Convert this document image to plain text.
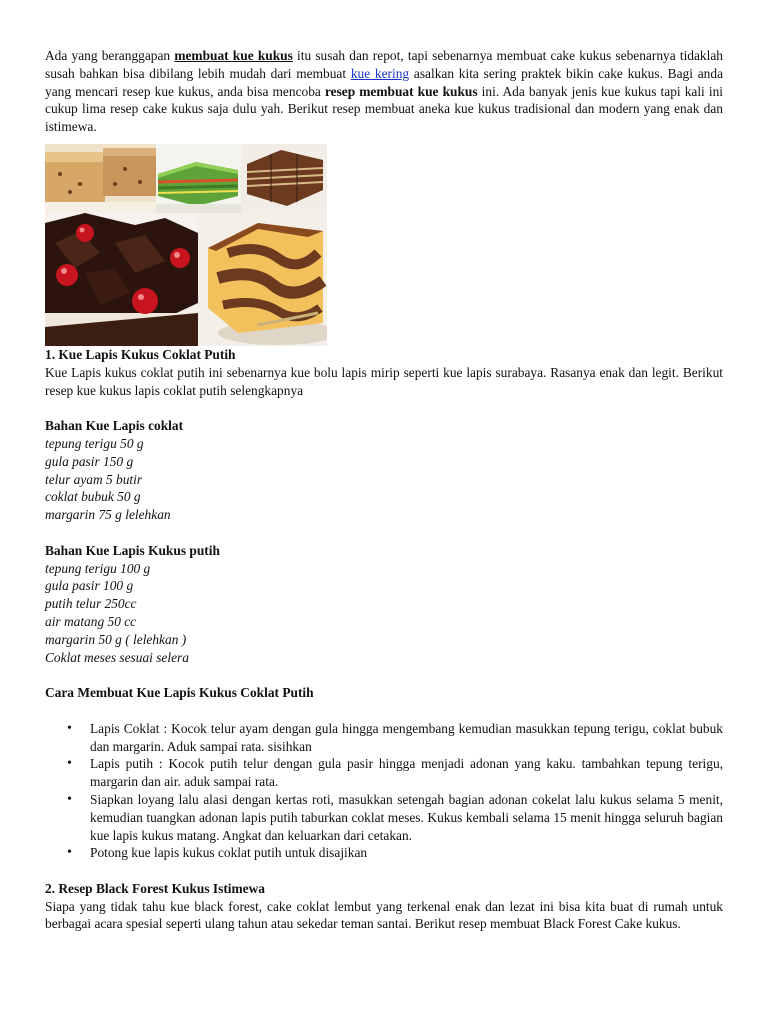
Ada yang beranggapan membuat kue kukus itu susah dan repot, tapi sebenarnya membuat cake kukus sebenarnya tidaklah susah bahkan bisa dibilang lebih mudah dari membuat kue kering asalkan kita sering praktek bikin cake kukus. Bagi anda yang mencari resep kue kukus, anda bisa mencoba resep membuat kue kukus ini. Ada banyak jenis kue kukus tapi kali ini cukup lima resep cake kukus saja dulu yah. Berikut resep membuat aneka kue kukus tradisional dan modern yang enak dan istimewa.

1. Kue Lapis Kukus Coklat Putih

Kue Lapis kukus coklat putih ini sebenarnya kue bolu lapis mirip seperti kue lapis surabaya. Rasanya enak dan legit. Berikut resep kue kukus lapis coklat putih selengkapnya

Bahan Kue Lapis coklat

tepung terigu 50 g
gula pasir 150 g
telur ayam 5 butir
coklat bubuk 50 g
margarin 75 g lelehkan

Bahan Kue Lapis Kukus putih

tepung terigu 100 g
gula pasir 100 g
putih telur 250cc
air matang 50 cc
margarin 50 g ( lelehkan )
Coklat meses sesuai selera

Cara Membuat Kue Lapis Kukus Coklat Putih

• Lapis Coklat : Kocok telur ayam dengan gula hingga mengembang kemudian masukkan tepung terigu, coklat bubuk dan margarin. Aduk sampai rata. sisihkan
• Lapis putih : Kocok putih telur dengan gula pasir hingga menjadi adonan yang kaku. tambahkan tepung terigu, margarin dan air. aduk sampai rata.
• Siapkan loyang lalu alasi dengan kertas roti, masukkan setengah bagian adonan cokelat lalu kukus selama 5 menit, kemudian tuangkan adonan lapis putih taburkan coklat meses. Kukus kembali selama 15 menit hingga seluruh bagian kue lapis kukus matang. Angkat dan keluarkan dari cetakan.
• Potong kue lapis kukus coklat putih untuk disajikan

2. Resep Black Forest Kukus Istimewa

Siapa yang tidak tahu kue black forest, cake coklat lembut yang terkenal enak dan lezat ini bisa kita buat di rumah untuk berbagai acara spesial seperti ulang tahun atau sekedar teman santai. Berikut resep membuat Black Forest Cake kukus.
